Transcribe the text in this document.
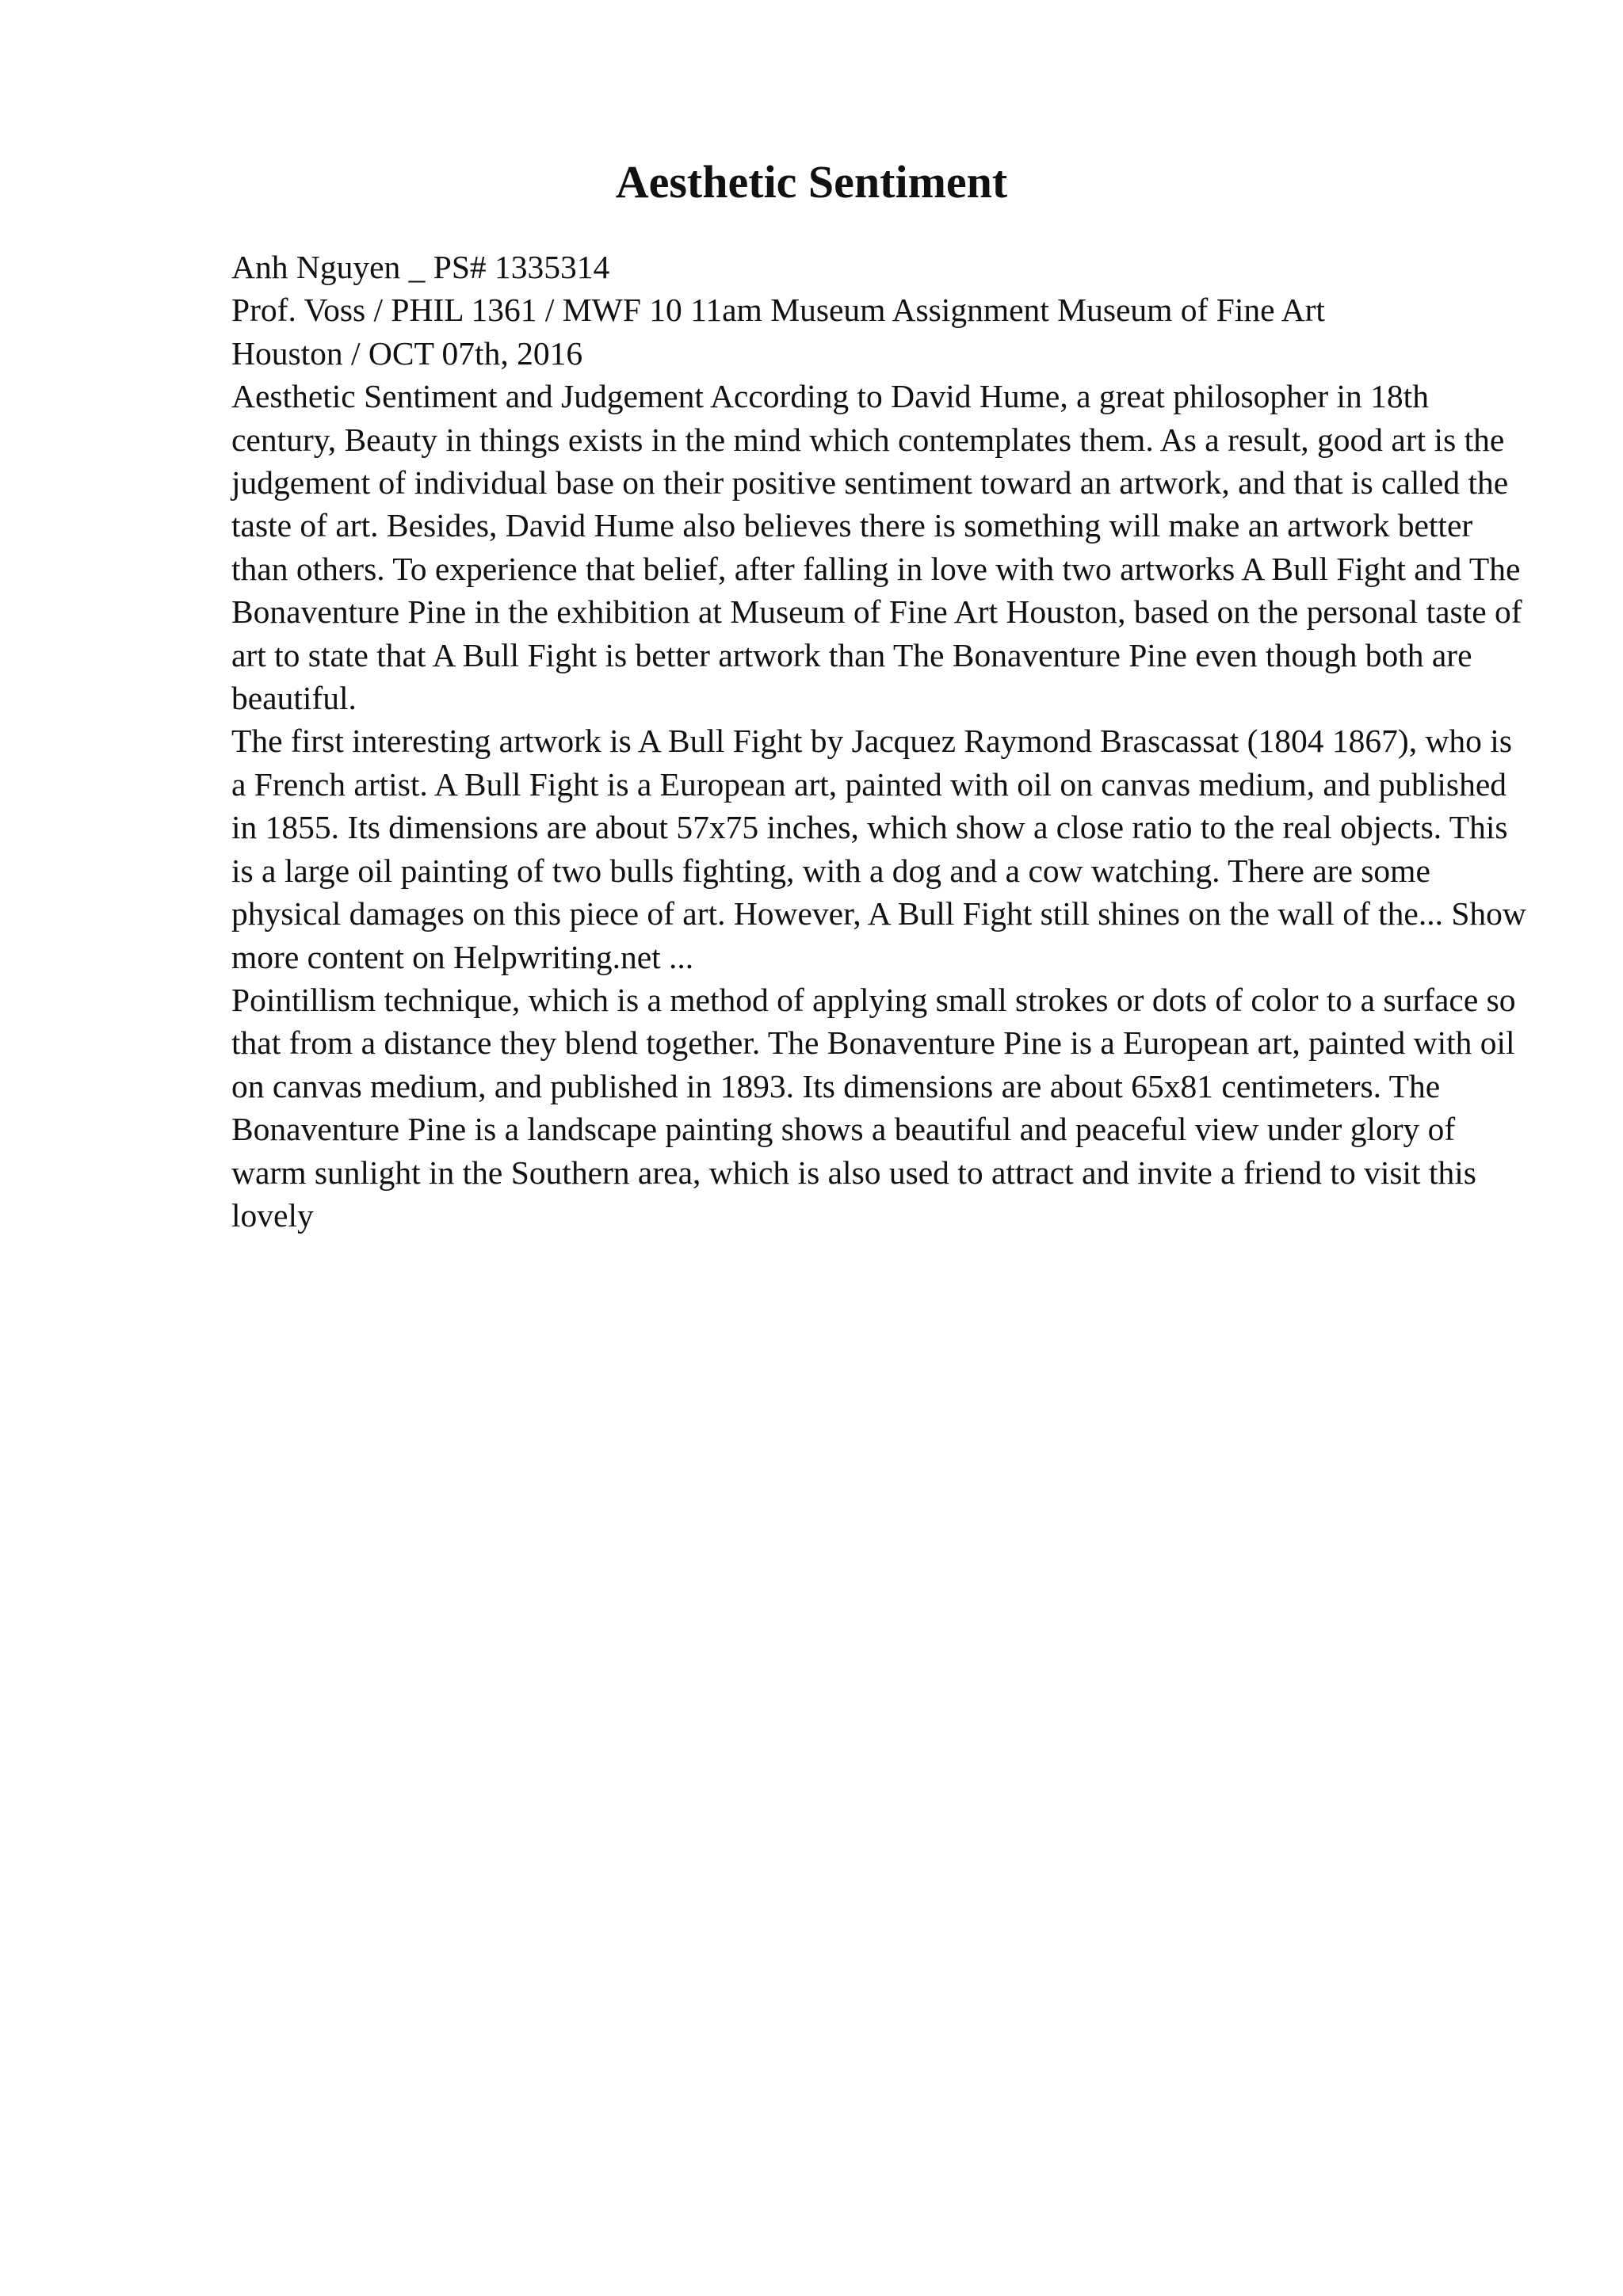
Aesthetic Sentiment

Anh Nguyen _ PS# 1335314

Prof. Voss / PHIL 1361 / MWF 10 11am Museum Assignment Museum of Fine Art

Houston / OCT 07th, 2016

Aesthetic Sentiment and Judgement According to David Hume, a great philosopher in 18th century, Beauty in things exists in the mind which contemplates them. As a result, good art is the judgement of individual base on their positive sentiment toward an artwork, and that is called the taste of art. Besides, David Hume also believes there is something will make an artwork better than others. To experience that belief, after falling in love with two artworks A Bull Fight and The Bonaventure Pine in the exhibition at Museum of Fine Art Houston, based on the personal taste of art to state that A Bull Fight is better artwork than The Bonaventure Pine even though both are beautiful.

The first interesting artwork is A Bull Fight by Jacquez Raymond Brascassat (1804 1867), who is a French artist. A Bull Fight is a European art, painted with oil on canvas medium, and published in 1855. Its dimensions are about 57x75 inches, which show a close ratio to the real objects. This is a large oil painting of two bulls fighting, with a dog and a cow watching. There are some physical damages on this piece of art. However, A Bull Fight still shines on the wall of the... Show more content on Helpwriting.net ...

Pointillism technique, which is a method of applying small strokes or dots of color to a surface so that from a distance they blend together. The Bonaventure Pine is a European art, painted with oil on canvas medium, and published in 1893. Its dimensions are about 65x81 centimeters. The Bonaventure Pine is a landscape painting shows a beautiful and peaceful view under glory of warm sunlight in the Southern area, which is also used to attract and invite a friend to visit this lovely
